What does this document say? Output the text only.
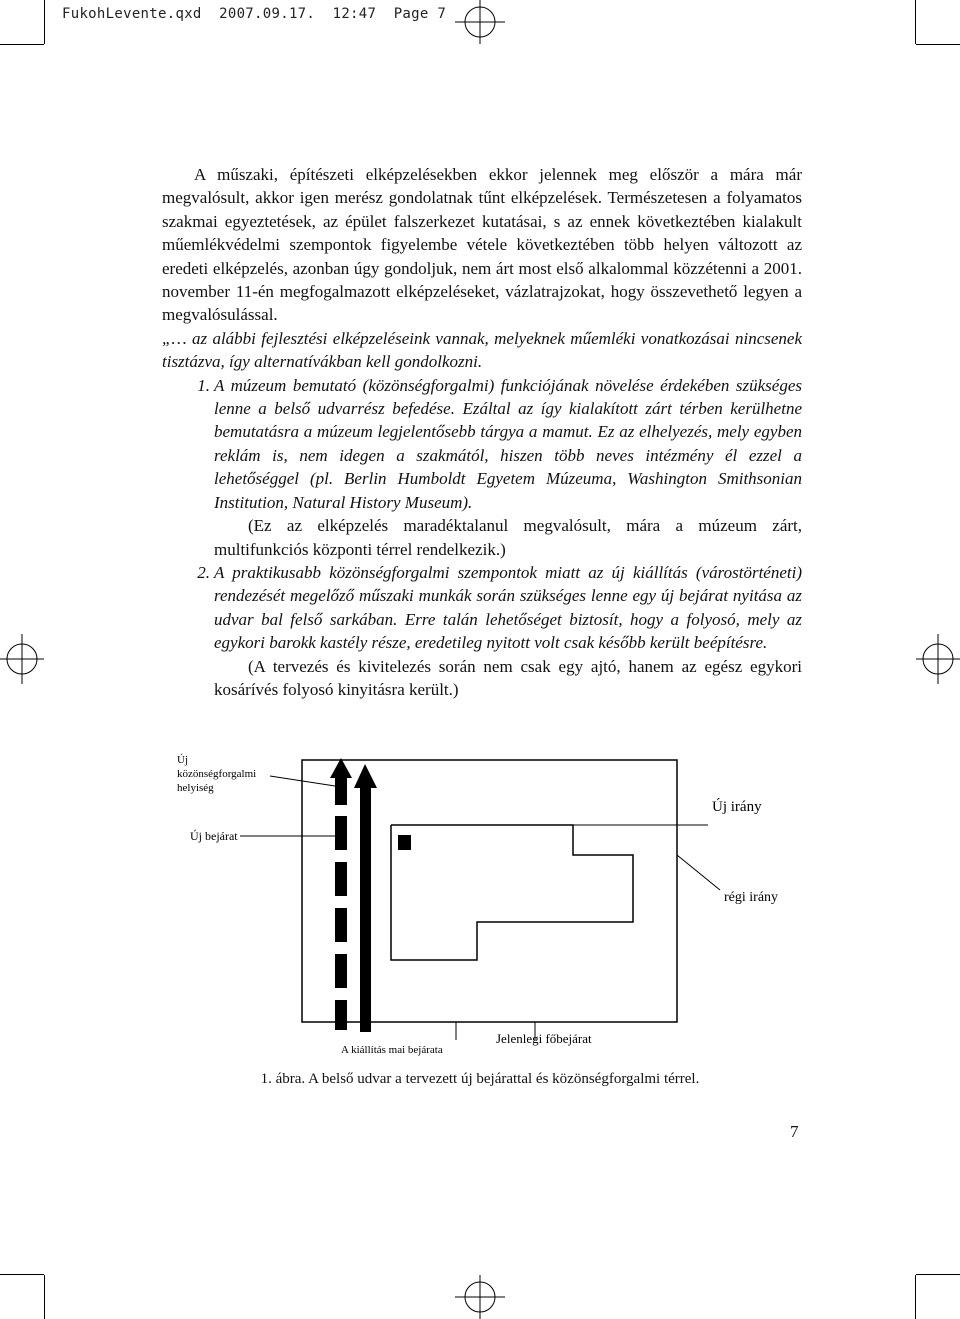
FukohLevente.qxd  2007.09.17.  12:47  Page 7

A műszaki, építészeti elképzelésekben ekkor jelennek meg először a mára már megvalósult, akkor igen merész gondolatnak tűnt elképzelések. Természetesen a folyamatos szakmai egyeztetések, az épület falszerkezet kutatásai, s az ennek következtében kialakult műemlékvédelmi szempontok figyelembe vétele következtében több helyen változott az eredeti elképzelés, azonban úgy gondoljuk, nem árt most első alkalommal közzétenni a 2001. november 11-én megfogalmazott elképzeléseket, vázlatrajzokat, hogy összevethető legyen a megvalósulással.

„… az alábbi fejlesztési elképzeléseink vannak, melyeknek műemléki vonatkozásai nincsenek tisztázva, így alternatívákban kell gondolkozni.

1. A múzeum bemutató (közönségforgalmi) funkciójának növelése érdekében szükséges lenne a belső udvarrész befedése. Ezáltal az így kialakított zárt térben kerülhetne bemutatásra a múzeum legjelentősebb tárgya a mamut. Ez az elhelyezés, mely egyben reklám is, nem idegen a szakmától, hiszen több neves intézmény él ezzel a lehetőséggel (pl. Berlin Humboldt Egyetem Múzeuma, Washington Smithsonian Institution, Natural History Museum).

(Ez az elképzelés maradéktalanul megvalósult, mára a múzeum zárt, multifunkciós központi térrel rendelkezik.)

2. A praktikusabb közönségforgalmi szempontok miatt az új kiállítás (várostörténeti) rendezését megelőző műszaki munkák során szükséges lenne egy új bejárat nyitása az udvar bal felső sarkában. Erre talán lehetőséget biztosít, hogy a folyosó, mely az egykori barokk kastély része, eredetileg nyitott volt csak később került beépítésre.

(A tervezés és kivitelezés során nem csak egy ajtó, hanem az egész egykori kosárívés folyosó kinyitásra került.)

Új
közönségforgalmi
helyiség
Új bejárat
Új irány
régi irány
Jelenlegi főbejárat
A kiállítás mai bejárata
1. ábra. A belső udvar a tervezett új bejárattal és közönségforgalmi térrel.
7
